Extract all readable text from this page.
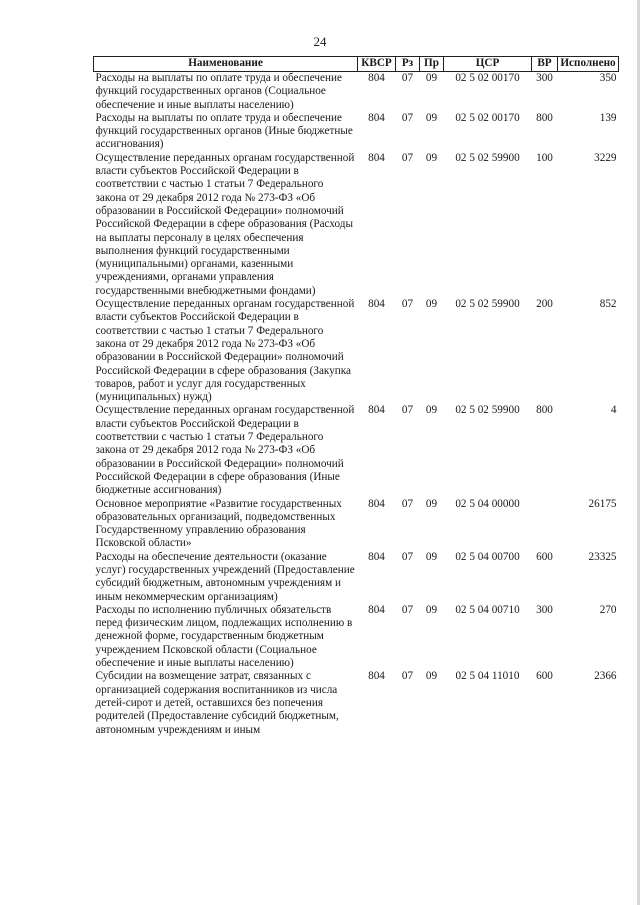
24
Наименование	КВСР	Рз	Пр	ЦСР	ВР	Исполнено
Расходы на выплаты по оплате труда и обеспечение функций государственных органов (Социальное обеспечение и иные выплаты населению)	804	07	09	02 5 02 00170	300	350
Расходы на выплаты по оплате труда и обеспечение функций государственных органов (Иные бюджетные ассигнования)	804	07	09	02 5 02 00170	800	139
Осуществление переданных органам государственной власти субъектов Российской Федерации в соответствии с частью 1 статьи 7 Федерального закона от 29 декабря 2012 года № 273-ФЗ «Об образовании в Российской Федерации» полномочий Российской Федерации в сфере образования (Расходы на выплаты персоналу в целях обеспечения выполнения функций государственными (муниципальными) органами, казенными учреждениями, органами управления государственными внебюджетными фондами)	804	07	09	02 5 02 59900	100	3229
Осуществление переданных органам государственной власти субъектов Российской Федерации в соответствии с частью 1 статьи 7 Федерального закона от 29 декабря 2012 года № 273-ФЗ «Об образовании в Российской Федерации» полномочий Российской Федерации в сфере образования (Закупка товаров, работ и услуг для государственных (муниципальных) нужд)	804	07	09	02 5 02 59900	200	852
Осуществление переданных органам государственной власти субъектов Российской Федерации в соответствии с частью 1 статьи 7 Федерального закона от 29 декабря 2012 года № 273-ФЗ «Об образовании в Российской Федерации» полномочий Российской Федерации в сфере образования (Иные бюджетные ассигнования)	804	07	09	02 5 02 59900	800	4
Основное мероприятие «Развитие государственных образовательных организаций, подведомственных Государственному управлению образования Псковской области»	804	07	09	02 5 04 00000		26175
Расходы на обеспечение деятельности (оказание услуг) государственных учреждений (Предоставление субсидий бюджетным, автономным учреждениям и иным некоммерческим организациям)	804	07	09	02 5 04 00700	600	23325
Расходы по исполнению публичных обязательств перед физическим лицом, подлежащих исполнению в денежной форме, государственным бюджетным учреждением Псковской области (Социальное обеспечение и иные выплаты населению)	804	07	09	02 5 04 00710	300	270
Субсидии на возмещение затрат, связанных с организацией содержания воспитанников из числа детей-сирот и детей, оставшихся без попечения родителей (Предоставление субсидий бюджетным, автономным учреждениям и иным	804	07	09	02 5 04 11010	600	2366
